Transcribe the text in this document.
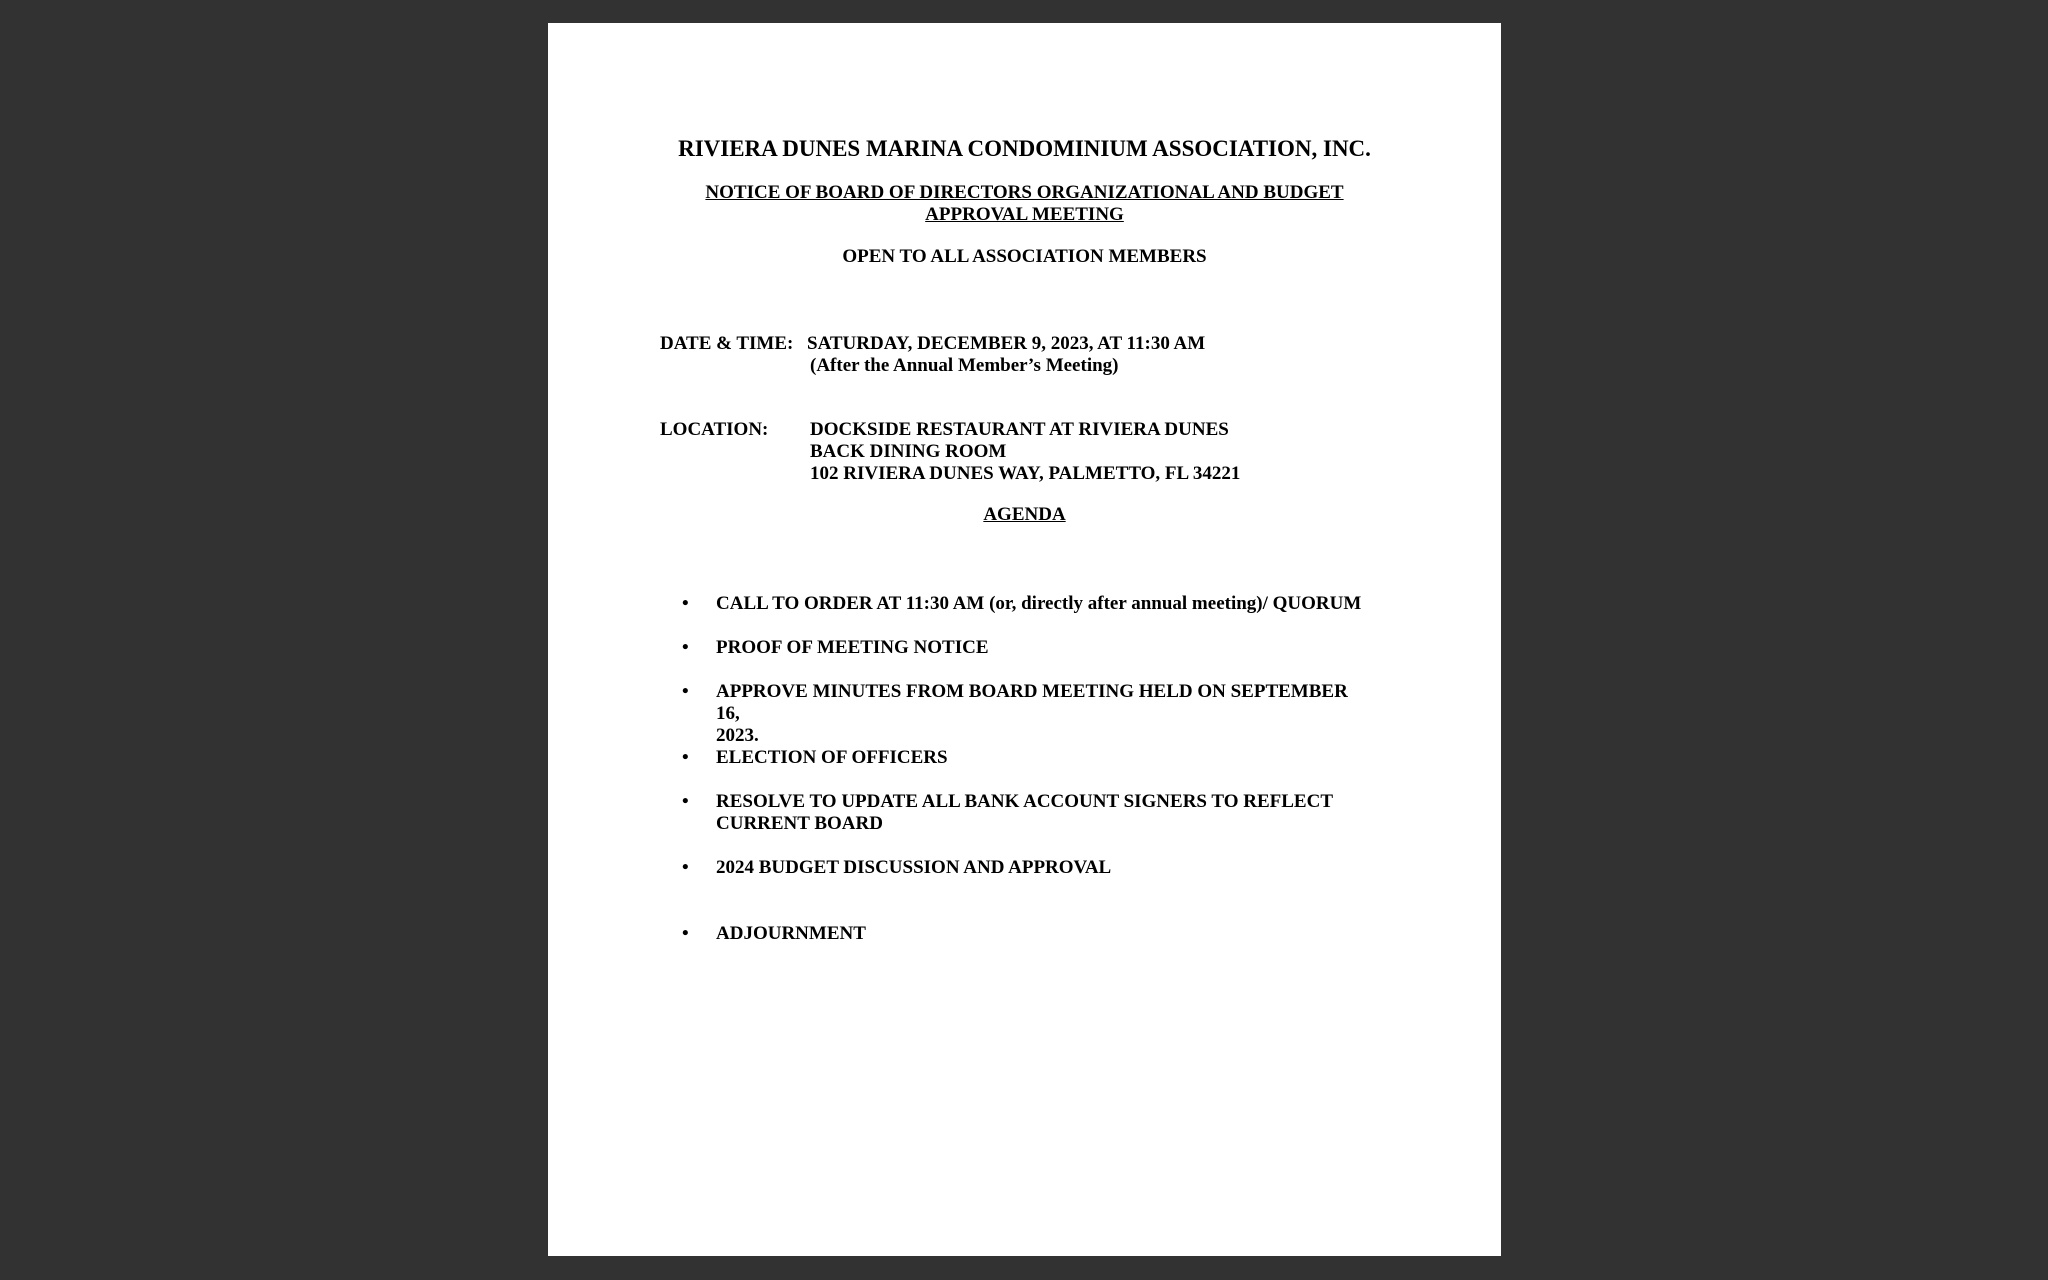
RIVIERA DUNES MARINA CONDOMINIUM ASSOCIATION, INC.
NOTICE OF BOARD OF DIRECTORS ORGANIZATIONAL AND BUDGET
APPROVAL MEETING
OPEN TO ALL ASSOCIATION MEMBERS
DATE & TIME: SATURDAY, DECEMBER 9, 2023, AT 11:30 AM
(After the Annual Member’s Meeting)
LOCATION: DOCKSIDE RESTAURANT AT RIVIERA DUNES
BACK DINING ROOM
102 RIVIERA DUNES WAY, PALMETTO, FL 34221
AGENDA
• CALL TO ORDER AT 11:30 AM (or, directly after annual meeting)/ QUORUM
• PROOF OF MEETING NOTICE
• APPROVE MINUTES FROM BOARD MEETING HELD ON SEPTEMBER 16,
2023.
• ELECTION OF OFFICERS
• RESOLVE TO UPDATE ALL BANK ACCOUNT SIGNERS TO REFLECT
CURRENT BOARD
• 2024 BUDGET DISCUSSION AND APPROVAL
• ADJOURNMENT
